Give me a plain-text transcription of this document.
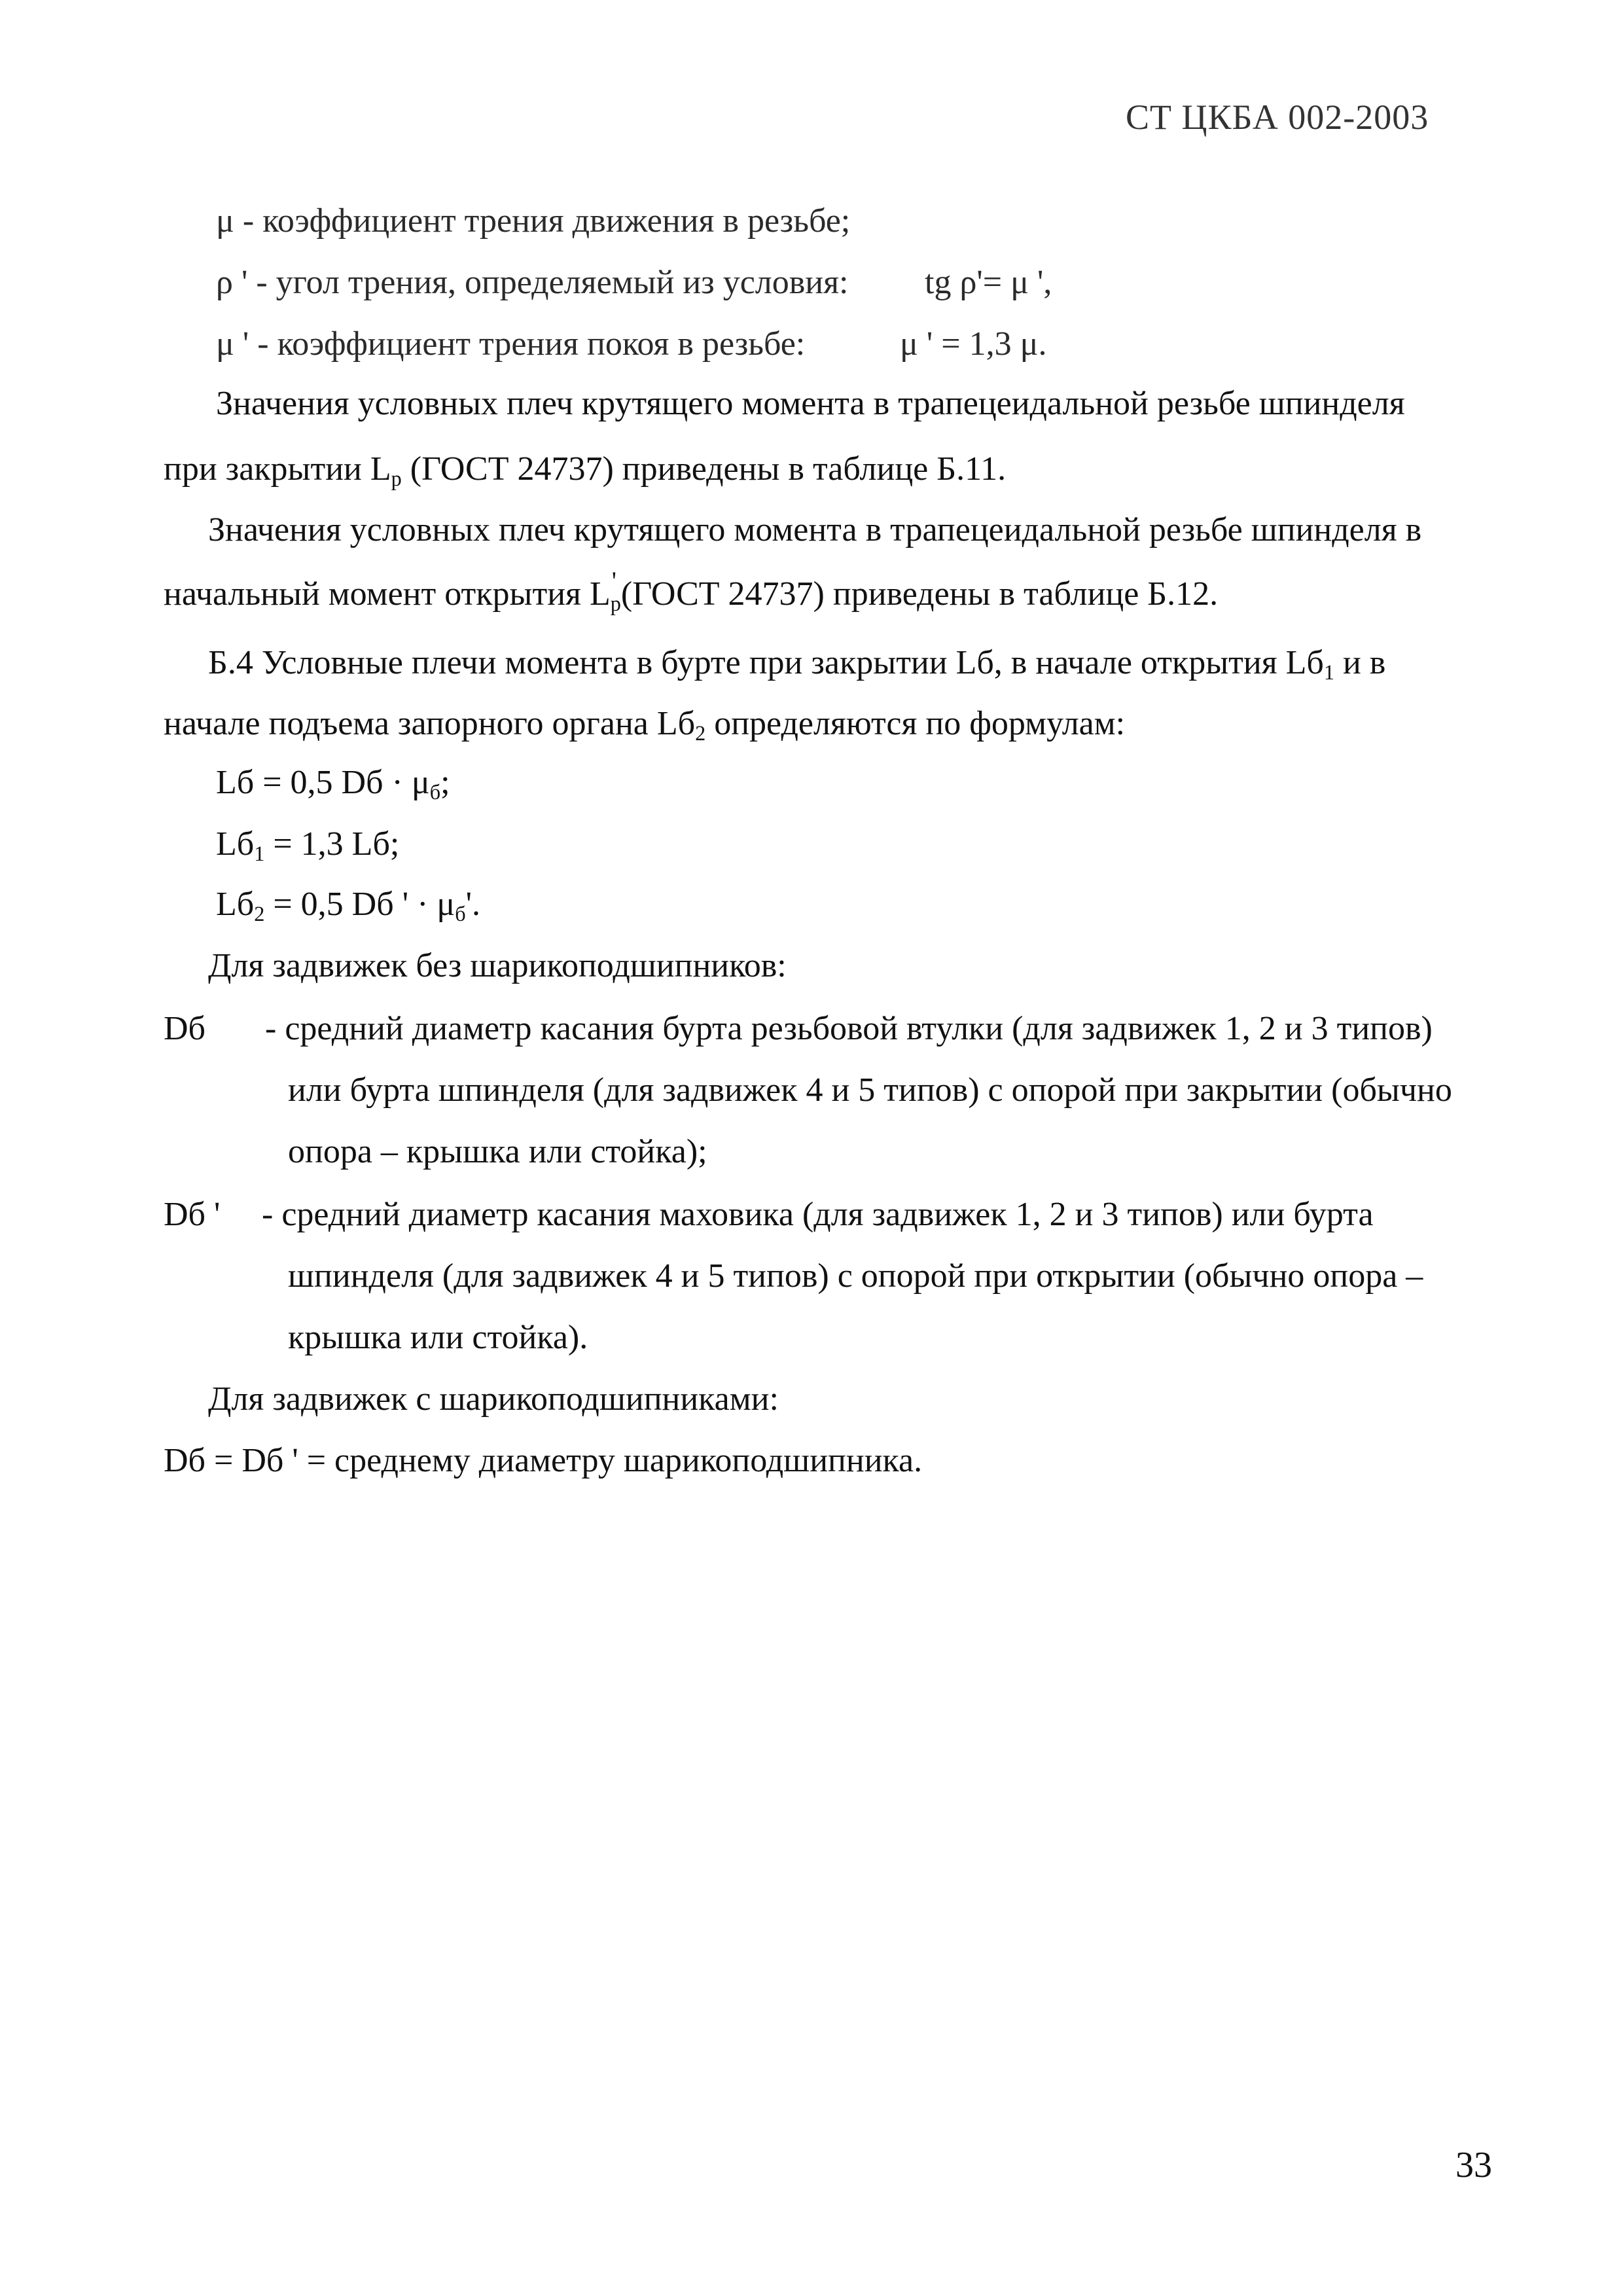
СТ ЦКБА 002-2003
μ - коэффициент трения движения в резьбе;
ρ ' - угол трения, определяемый из условия: tg ρ'= μ ',
μ ' - коэффициент трения покоя в резьбе:	μ ' = 1,3 μ.
Значения условных плеч крутящего момента в трапецеидальной резьбе шпинделя
при закрытии $L_р$ (ГОСТ 24737) приведены в таблице Б.11.
Значения условных плеч крутящего момента в трапецеидальной резьбе шпинделя в
начальный момент открытия L '
$_р$(ГОСТ 24737) приведены в таблице Б.12.
Б.4 Условные плечи момента в бурте при закрытии Lб, в начале открытия $Lб_1$ и в
начале подъема запорного органа $Lб_2$ определяются по формулам:
Lб = 0,5 Dб · $\mu_б$;
$Lб_1 = 1,3$ Lб;
$Lб_2 = 0,5$ Dб ' · $\mu_б'$.
Для задвижек без шарикоподшипников:
Dб - средний диаметр касания бурта резьбовой втулки (для задвижек 1, 2 и 3 типов)
или бурта шпинделя (для задвижек 4 и 5 типов) с опорой при закрытии (обычно
опора – крышка или стойка);
Dб ' - средний диаметр касания маховика (для задвижек 1, 2 и 3 типов) или бурта
шпинделя (для задвижек 4 и 5 типов) с опорой при открытии (обычно опора –
крышка или стойка).
Для задвижек с шарикоподшипниками:
Dб = Dб ' = среднему диаметру шарикоподшипника.
33
